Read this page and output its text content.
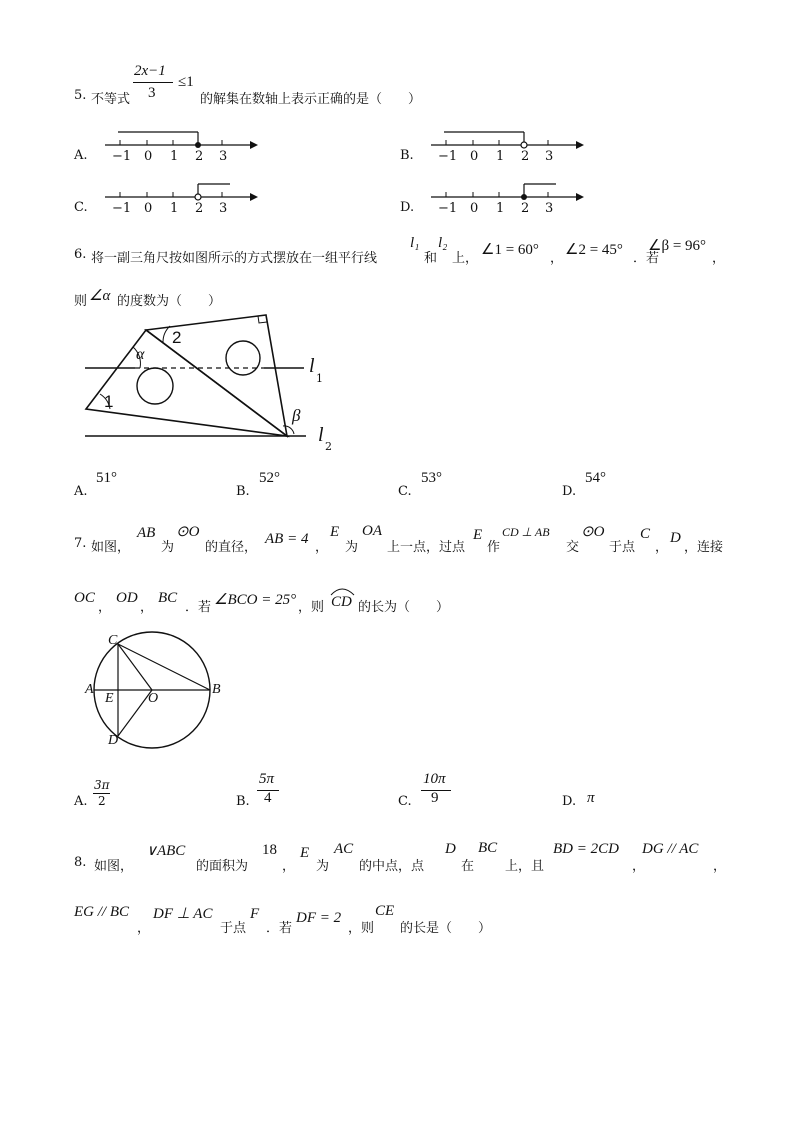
5. 不等式
2x−1
3
≤1
的解集在数轴上表示正确的是（　　）
A.	B.
C.	D.
−1 0 1 2 3	−1 0 1 2 3
−1 0 1 2 3	−1 0 1 2 3
6. 将一副三角尺按如图所示的方式摆放在一组平行线
l₁
和
l₂
上，
∠1 = 60°
，
∠2 = 45°
．若
∠β = 96°
，
则 ∠α 的度数为（　　）
α
2
1
β
l
1
l
2
A.
51°
B.
52°
C.
53°
D.
54°
7. 如图，
AB
为
⊙O
的直径，
AB = 4
，
E
为
OA
上一点，过点
E
作
CD ⊥ AB
交
⊙O
于点
C
，
D
，连接
OC
，
OD
，
BC
．若 ∠BCO = 25° ，则 CD 的长为（　　）
C
A
E O
B
D
A.
3π
2	B.
5π
4	C.
10π
9	D. π
8. 如图，
∨ABC
的面积为
18
，
E
为
AC
的中点，点
D
在
BC
上，且
BD = 2CD
，
DG // AC
，
EG // BC
，
DF ⊥ AC
于点
F
．若
DF = 2
，则
CE
的长是（　　）
